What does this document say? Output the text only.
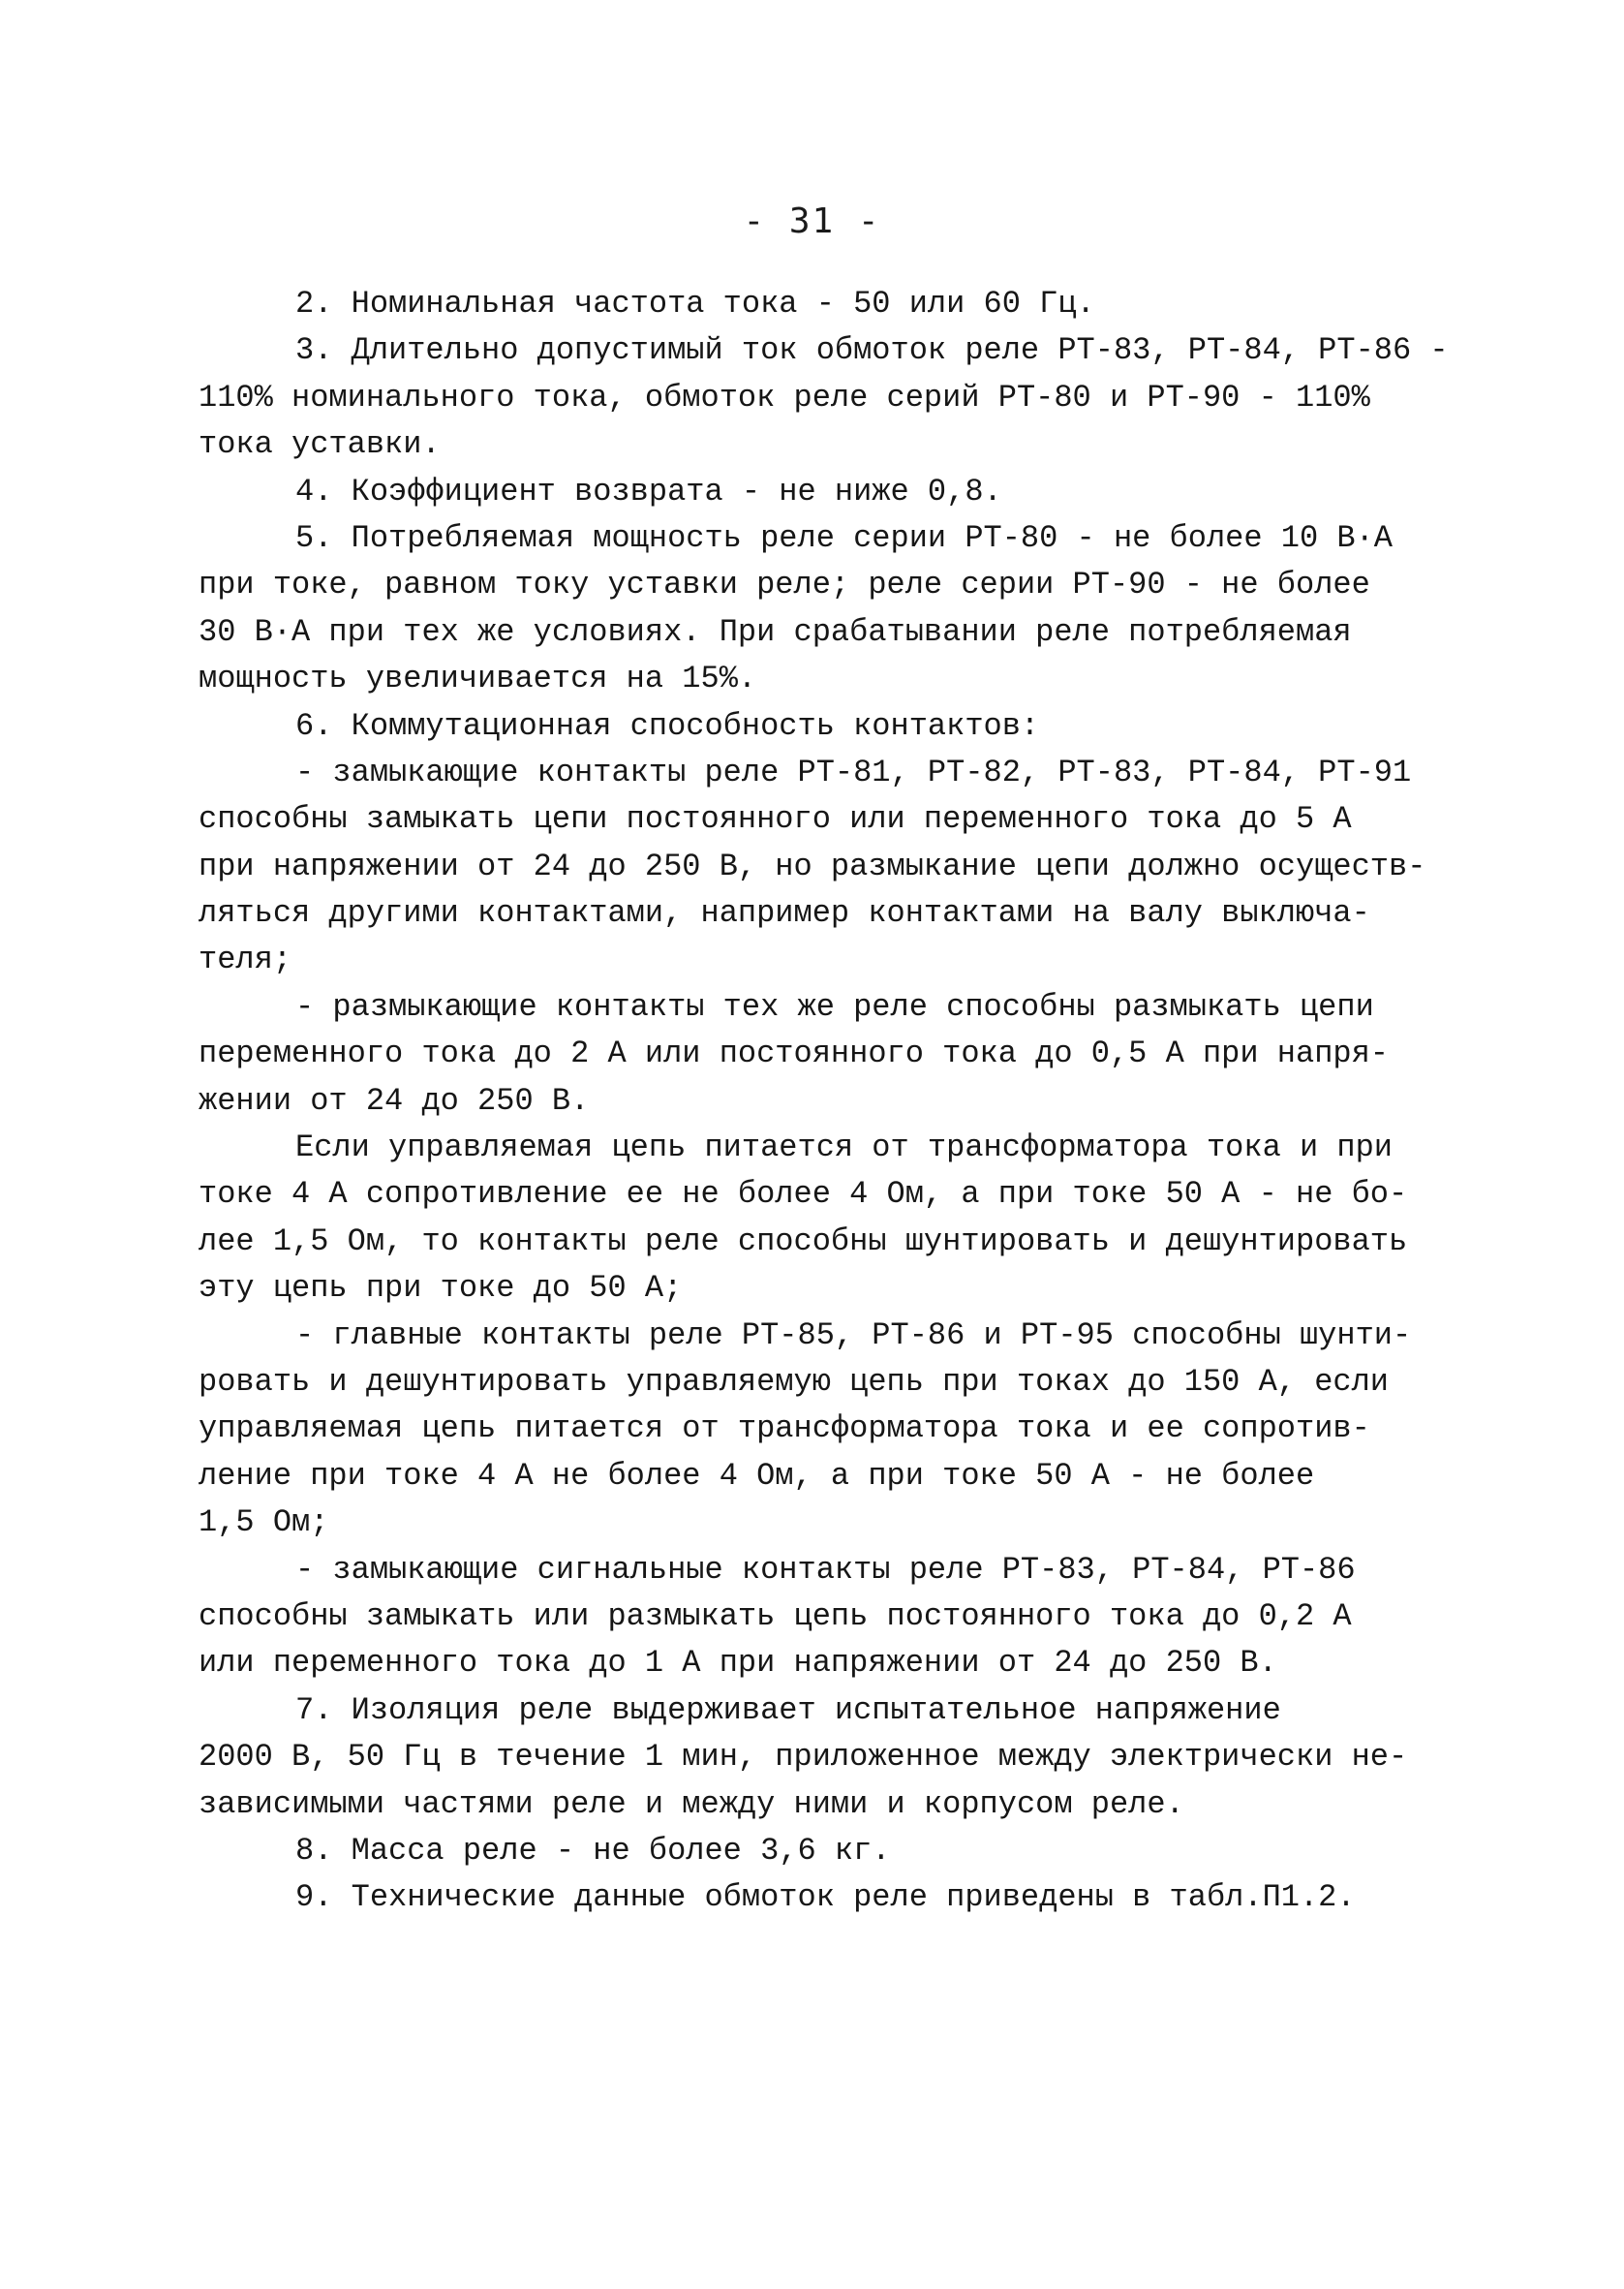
- 31 -
2. Номинальная частота тока - 50 или 60 Гц.
3. Длительно допустимый ток обмоток реле РТ-83, РТ-84, РТ-86 -
110% номинального тока, обмоток реле серий РТ-80 и РТ-90 - 110%
тока уставки.
4. Коэффициент возврата - не ниже 0,8.
5. Потребляемая мощность реле серии РТ-80 - не более 10 В·А
при токе, равном току уставки реле; реле серии РТ-90 - не более
30 В·А при тех же условиях. При срабатывании реле потребляемая
мощность увеличивается на 15%.
6. Коммутационная способность контактов:
- замыкающие контакты реле РТ-81, РТ-82, РТ-83, РТ-84, РТ-91
способны замыкать цепи постоянного или переменного тока до 5 А
при напряжении от 24 до 250 В, но размыкание цепи должно осуществ-
ляться другими контактами, например контактами на валу выключа-
теля;
- размыкающие контакты тех же реле способны размыкать цепи
переменного тока до 2 А или постоянного тока до 0,5 А при напря-
жении от 24 до 250 В.
Если управляемая цепь питается от трансформатора тока и при
токе 4 А сопротивление ее не более 4 Ом, а при токе 50 А - не бо-
лее 1,5 Ом, то контакты реле способны шунтировать и дешунтировать
эту цепь при токе до 50 А;
- главные контакты реле РТ-85, РТ-86 и РТ-95 способны шунти-
ровать и дешунтировать управляемую цепь при токах до 150 А, если
управляемая цепь питается от трансформатора тока и ее сопротив-
ление при токе 4 А не более 4 Ом, а при токе 50 А - не более
1,5 Ом;
- замыкающие сигнальные контакты реле РТ-83, РТ-84, РТ-86
способны замыкать или размыкать цепь постоянного тока до 0,2 А
или переменного тока до 1 А при напряжении от 24 до 250 В.
7. Изоляция реле выдерживает испытательное напряжение
2000 В, 50 Гц в течение 1 мин, приложенное между электрически не-
зависимыми частями реле и между ними и корпусом реле.
8. Масса реле - не более 3,6 кг.
9. Технические данные обмоток реле приведены в табл.П1.2.
